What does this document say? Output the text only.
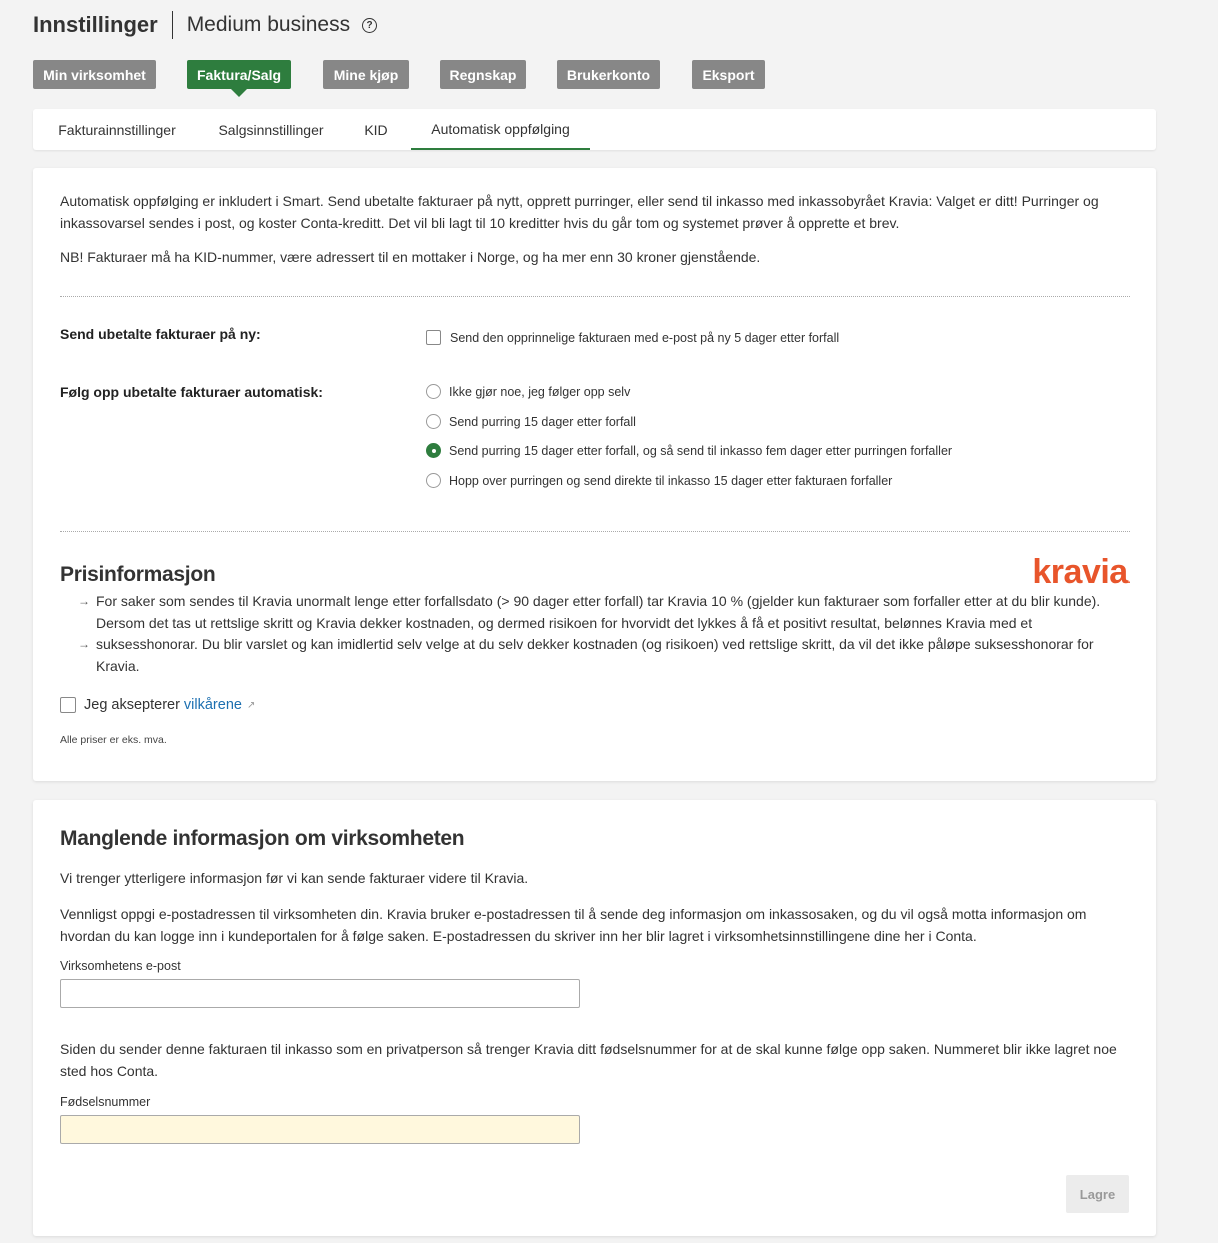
Innstillinger Medium business	?
Min virksomhet	Faktura/Salg	Mine kjøp	Regnskap	Brukerkonto	Eksport
Fakturainnstillinger	Salgsinnstillinger	KID	Automatisk oppfølging
Automatisk oppfølging er inkludert i Smart. Send ubetalte fakturaer på nytt, opprett purringer, eller send til inkasso med inkassobyrået Kravia: Valget er ditt! Purringer og
inkassovarsel sendes i post, og koster Conta-kreditt. Det vil bli lagt til 10 kreditter hvis du går tom og systemet prøver å opprette et brev.
NB! Fakturaer må ha KID-nummer, være adressert til en mottaker i Norge, og ha mer enn 30 kroner gjenstående.
Send ubetalte fakturaer på ny:	Send den opprinnelige fakturaen med e-post på ny 5 dager etter forfall
Følg opp ubetalte fakturaer automatisk:	Ikke gjør noe, jeg følger opp selv
Send purring 15 dager etter forfall
Send purring 15 dager etter forfall, og så send til inkasso fem dager etter purringen forfaller
Hopp over purringen og send direkte til inkasso 15 dager etter fakturaen forfaller
Prisinformasjon	kravia.
→
→
For saker som sendes til Kravia unormalt lenge etter forfallsdato (> 90 dager etter forfall) tar Kravia 10 % (gjelder kun fakturaer som forfaller etter at du blir kunde).
Dersom det tas ut rettslige skritt og Kravia dekker kostnaden, og dermed risikoen for hvorvidt det lykkes å få et positivt resultat, belønnes Kravia med et
suksesshonorar. Du blir varslet og kan imidlertid selv velge at du selv dekker kostnaden (og risikoen) ved rettslige skritt, da vil det ikke påløpe suksesshonorar for
Kravia.
Jeg aksepterer vilkårene ↗
Alle priser er eks. mva.
Manglende informasjon om virksomheten
Vi trenger ytterligere informasjon før vi kan sende fakturaer videre til Kravia.
Vennligst oppgi e-postadressen til virksomheten din. Kravia bruker e-postadressen til å sende deg informasjon om inkassosaken, og du vil også motta informasjon om
hvordan du kan logge inn i kundeportalen for å følge saken. E-postadressen du skriver inn her blir lagret i virksomhetsinnstillingene dine her i Conta.
Virksomhetens e-post
Siden du sender denne fakturaen til inkasso som en privatperson så trenger Kravia ditt fødselsnummer for at de skal kunne følge opp saken. Nummeret blir ikke lagret noe
sted hos Conta.
Fødselsnummer
Lagre
